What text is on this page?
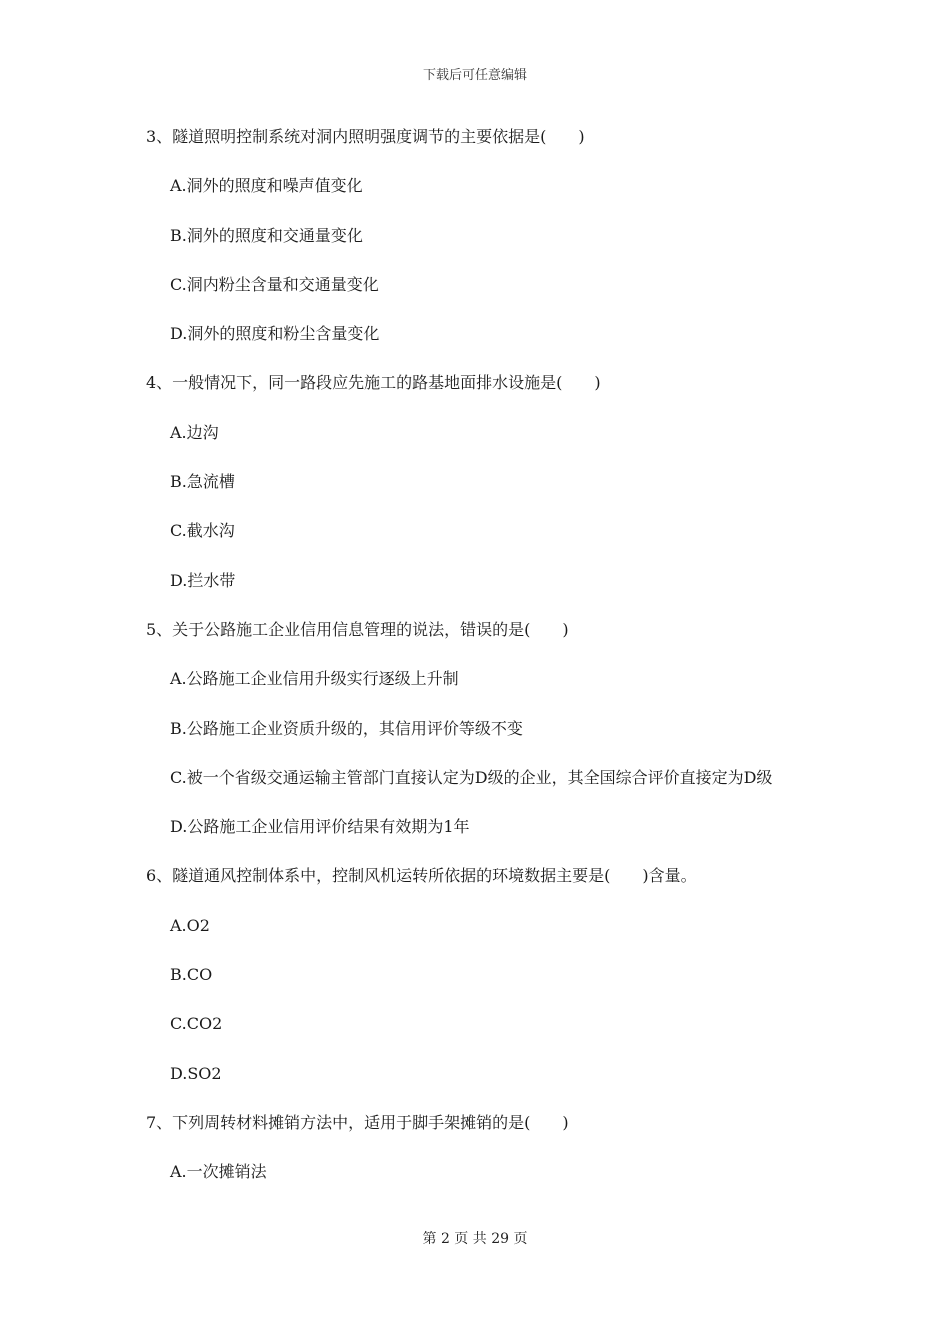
下载后可任意编辑
3、隧道照明控制系统对洞内照明强度调节的主要依据是(　　)
A.洞外的照度和噪声值变化
B.洞外的照度和交通量变化
C.洞内粉尘含量和交通量变化
D.洞外的照度和粉尘含量变化
4、一般情况下，同一路段应先施工的路基地面排水设施是(　　)
A.边沟
B.急流槽
C.截水沟
D.拦水带
5、关于公路施工企业信用信息管理的说法，错误的是(　　)
A.公路施工企业信用升级实行逐级上升制
B.公路施工企业资质升级的，其信用评价等级不变
C.被一个省级交通运输主管部门直接认定为D级的企业，其全国综合评价直接定为D级
D.公路施工企业信用评价结果有效期为1年
6、隧道通风控制体系中，控制风机运转所依据的环境数据主要是(　　)含量。
A.O2
B.CO
C.CO2
D.SO2
7、下列周转材料摊销方法中，适用于脚手架摊销的是(　　)
A.一次摊销法
第 2 页 共 29 页
